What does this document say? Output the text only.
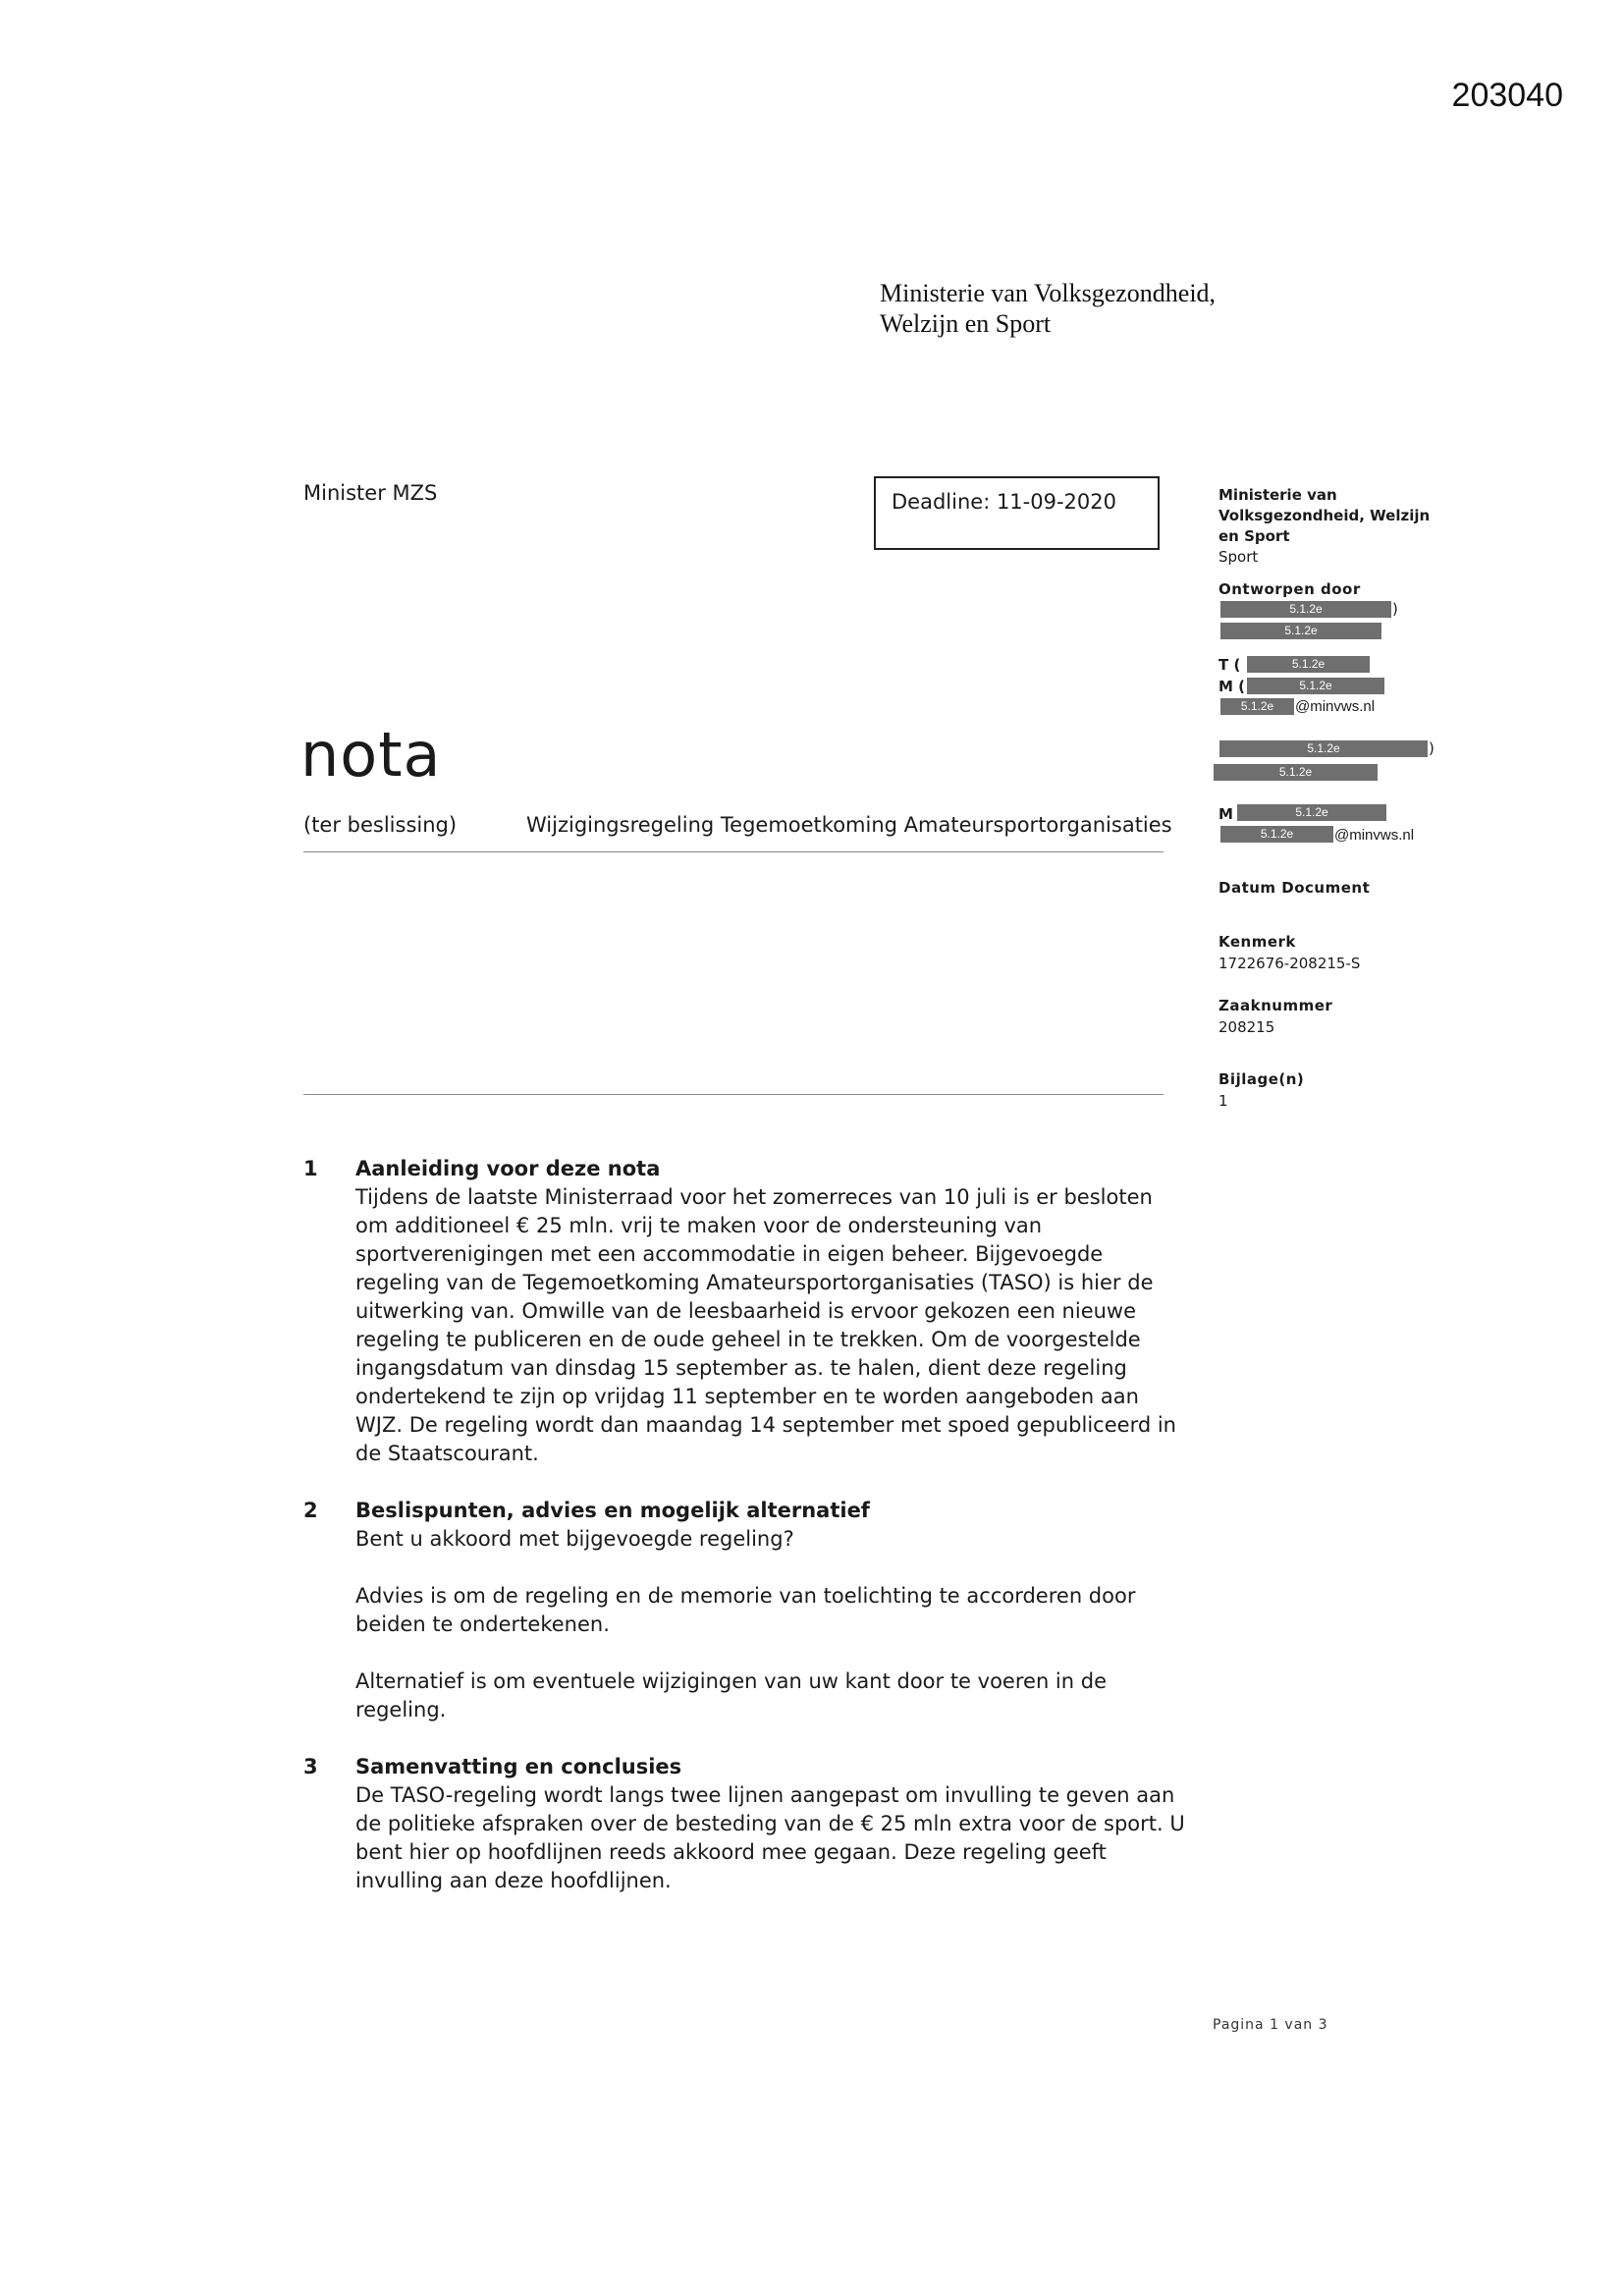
203040
Ministerie van Volksgezondheid,
Welzijn en Sport
Minister MZS	Deadline: 11-09-2020
nota
(ter beslissing)	Wijzigingsregeling Tegemoetkoming Amateursportorganisaties
Ministerie van
Volksgezondheid, Welzijn
en Sport
Sport
Ontworpen door
5.1.2e	)
5.1.2e
T (	5.1.2e
M (	5.1.2e
5.1.2e	@minvws.nl
5.1.2e	)
5.1.2e
M	5.1.2e
5.1.2e	@minvws.nl
Datum Document
Kenmerk
1722676-208215-S
Zaaknummer
208215
Bijlage(n)
1
1 Aanleiding voor deze nota

Tijdens de laatste Ministerraad voor het zomerreces van 10 juli is er besloten om additioneel € 25 mln. vrij te maken voor de ondersteuning van sportverenigingen met een accommodatie in eigen beheer. Bijgevoegde regeling van de Tegemoetkoming Amateursportorganisaties (TASO) is hier de uitwerking van. Omwille van de leesbaarheid is ervoor gekozen een nieuwe regeling te publiceren en de oude geheel in te trekken. Om de voorgestelde ingangsdatum van dinsdag 15 september as. te halen, dient deze regeling ondertekend te zijn op vrijdag 11 september en te worden aangeboden aan WJZ. De regeling wordt dan maandag 14 september met spoed gepubliceerd in de Staatscourant.

2 Beslispunten, advies en mogelijk alternatief

Bent u akkoord met bijgevoegde regeling?

Advies is om de regeling en de memorie van toelichting te accorderen door beiden te ondertekenen.

Alternatief is om eventuele wijzigingen van uw kant door te voeren in de regeling.

3 Samenvatting en conclusies

De TASO-regeling wordt langs twee lijnen aangepast om invulling te geven aan de politieke afspraken over de besteding van de € 25 mln extra voor de sport. U bent hier op hoofdlijnen reeds akkoord mee gegaan. Deze regeling geeft invulling aan deze hoofdlijnen.

Pagina 1 van 3
